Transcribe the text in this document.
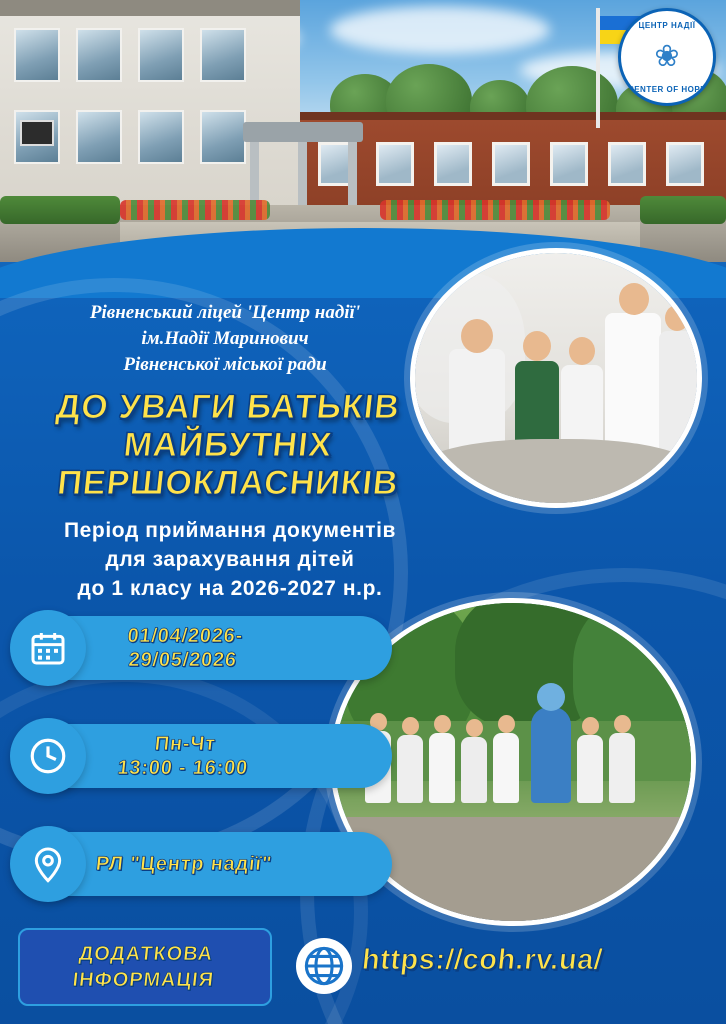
ЦЕНТР НАДІЇ
❀
CENTER OF HOPE
Рівненський ліцей 'Центр надії'
ім.Надії Маринович
Рівненської міської ради
ДО УВАГИ БАТЬКІВ
МАЙБУТНІХ
ПЕРШОКЛАСНИКІВ
Період приймання документів
для зарахування дітей
до 1 класу на 2026-2027 н.р.
01/04/2026-
29/05/2026
Пн-Чт
13:00 - 16:00
РЛ "Центр надії"
ДОДАТКОВА
ІНФОРМАЦІЯ
https://coh.rv.ua/
